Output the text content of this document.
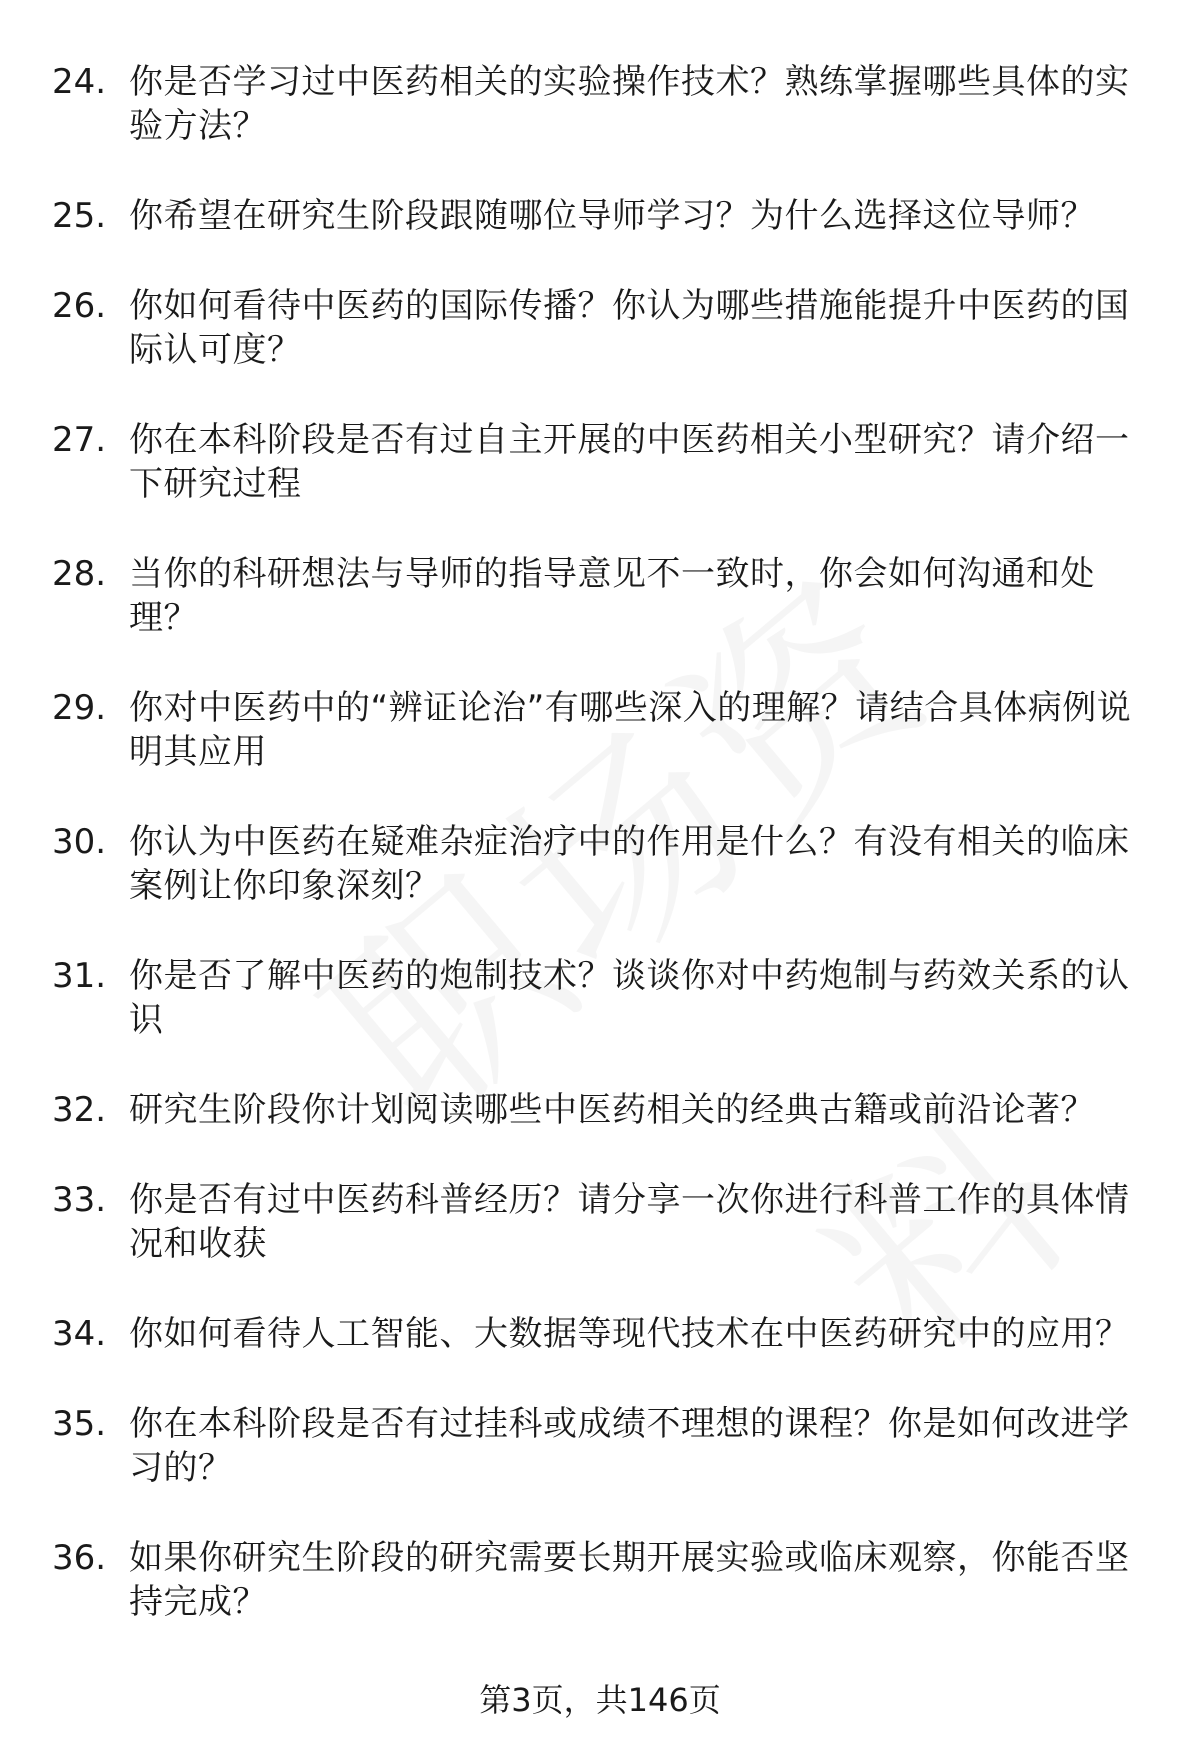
24. 你是否学习过中医药相关的实验操作技术？熟练掌握哪些具体的实验方法？
25. 你希望在研究生阶段跟随哪位导师学习？为什么选择这位导师？
26. 你如何看待中医药的国际传播？你认为哪些措施能提升中医药的国际认可度？
27. 你在本科阶段是否有过自主开展的中医药相关小型研究？请介绍一下研究过程
28. 当你的科研想法与导师的指导意见不一致时，你会如何沟通和处理？
29. 你对中医药中的“辨证论治”有哪些深入的理解？请结合具体病例说明其应用
30. 你认为中医药在疑难杂症治疗中的作用是什么？有没有相关的临床案例让你印象深刻？
31. 你是否了解中医药的炮制技术？谈谈你对中药炮制与药效关系的认识
32. 研究生阶段你计划阅读哪些中医药相关的经典古籍或前沿论著？
33. 你是否有过中医药科普经历？请分享一次你进行科普工作的具体情况和收获
34. 你如何看待人工智能、大数据等现代技术在中医药研究中的应用？
35. 你在本科阶段是否有过挂科或成绩不理想的课程？你是如何改进学习的？
36. 如果你研究生阶段的研究需要长期开展实验或临床观察，你能否坚持完成？
第3页，共146页
